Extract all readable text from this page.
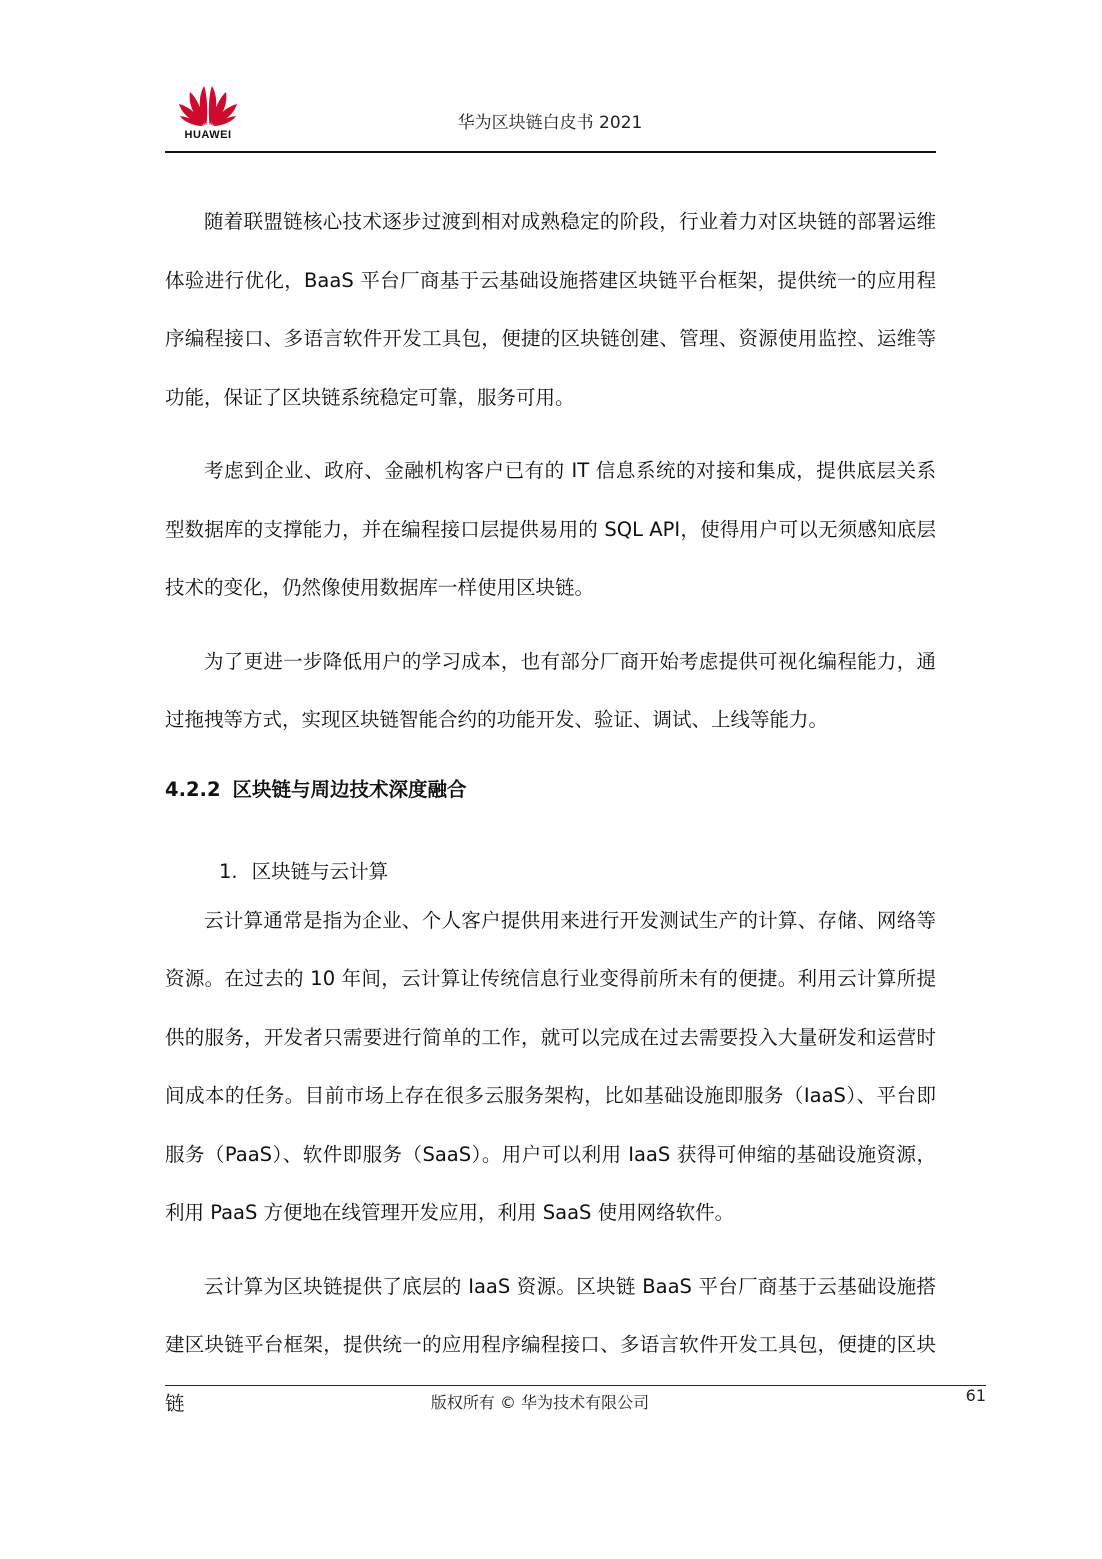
HUAWEI
华为区块链白皮书 2021

随着联盟链核心技术逐步过渡到相对成熟稳定的阶段，行业着力对区块链的部署运维体验进行优化，BaaS 平台厂商基于云基础设施搭建区块链平台框架，提供统一的应用程序编程接口、多语言软件开发工具包，便捷的区块链创建、管理、资源使用监控、运维等功能，保证了区块链系统稳定可靠，服务可用。

考虑到企业、政府、金融机构客户已有的 IT 信息系统的对接和集成，提供底层关系型数据库的支撑能力，并在编程接口层提供易用的 SQL API，使得用户可以无须感知底层技术的变化，仍然像使用数据库一样使用区块链。

为了更进一步降低用户的学习成本，也有部分厂商开始考虑提供可视化编程能力，通过拖拽等方式，实现区块链智能合约的功能开发、验证、调试、上线等能力。

4.2.2 区块链与周边技术深度融合
1. 区块链与云计算

云计算通常是指为企业、个人客户提供用来进行开发测试生产的计算、存储、网络等资源。在过去的 10 年间，云计算让传统信息行业变得前所未有的便捷。利用云计算所提供的服务，开发者只需要进行简单的工作，就可以完成在过去需要投入大量研发和运营时间成本的任务。目前市场上存在很多云服务架构，比如基础设施即服务（IaaS）、平台即服务（PaaS）、软件即服务（SaaS）。用户可以利用 IaaS 获得可伸缩的基础设施资源，利用 PaaS 方便地在线管理开发应用，利用 SaaS 使用网络软件。

云计算为区块链提供了底层的 IaaS 资源。区块链 BaaS 平台厂商基于云基础设施搭建区块链平台框架，提供统一的应用程序编程接口、多语言软件开发工具包，便捷的区块链	版权所有 © 华为技术有限公司	61
